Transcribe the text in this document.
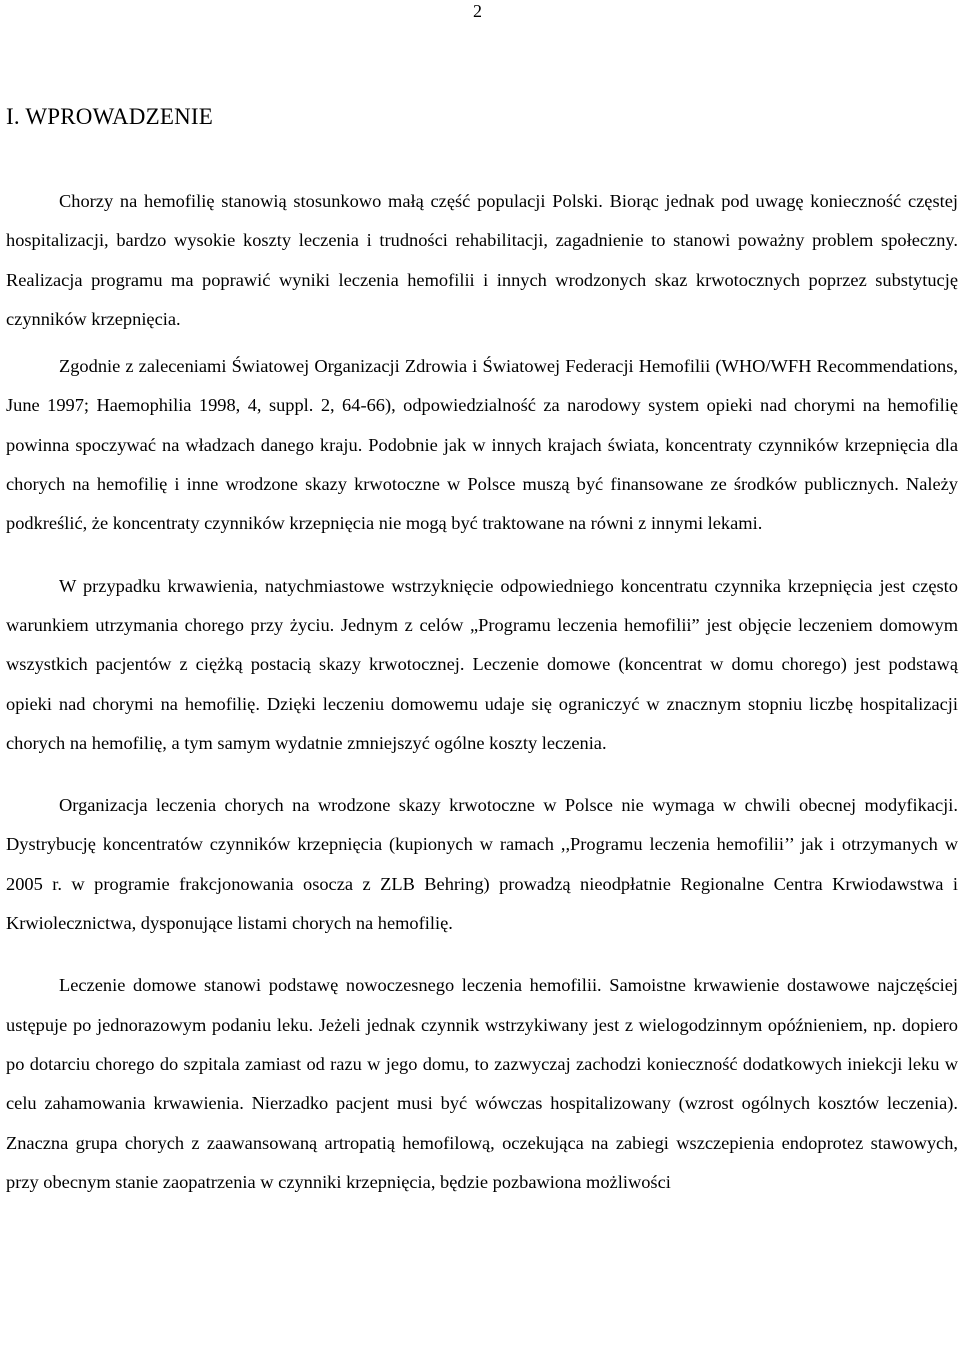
2
I. WPROWADZENIE

Chorzy na hemofilię stanowią stosunkowo małą część populacji Polski. Biorąc jednak pod uwagę konieczność częstej hospitalizacji, bardzo wysokie koszty leczenia i trudności rehabilitacji, zagadnienie to stanowi poważny problem społeczny. Realizacja programu ma poprawić wyniki leczenia hemofilii i innych wrodzonych skaz krwotocznych poprzez substytucję czynników krzepnięcia.

Zgodnie z zaleceniami Światowej Organizacji Zdrowia i Światowej Federacji Hemofilii (WHO/WFH Recommendations, June 1997; Haemophilia 1998, 4, suppl. 2, 64-66), odpowiedzialność za narodowy system opieki nad chorymi na hemofilię powinna spoczywać na władzach danego kraju. Podobnie jak w innych krajach świata, koncentraty czynników krzepnięcia dla chorych na hemofilię i inne wrodzone skazy krwotoczne w Polsce muszą być finansowane ze środków publicznych. Należy podkreślić, że koncentraty czynników krzepnięcia nie mogą być traktowane na równi z innymi lekami.

W przypadku krwawienia, natychmiastowe wstrzyknięcie odpowiedniego koncentratu czynnika krzepnięcia jest często warunkiem utrzymania chorego przy życiu. Jednym z celów „Programu leczenia hemofilii” jest objęcie leczeniem domowym wszystkich pacjentów z ciężką postacią skazy krwotocznej. Leczenie domowe (koncentrat w domu chorego) jest podstawą opieki nad chorymi na hemofilię. Dzięki leczeniu domowemu udaje się ograniczyć w znacznym stopniu liczbę hospitalizacji chorych na hemofilię, a tym samym wydatnie zmniejszyć ogólne koszty leczenia.

Organizacja leczenia chorych na wrodzone skazy krwotoczne w Polsce nie wymaga w chwili obecnej modyfikacji. Dystrybucję koncentratów czynników krzepnięcia (kupionych w ramach ,,Programu leczenia hemofilii’’ jak i otrzymanych w 2005 r. w programie frakcjonowania osocza z ZLB Behring) prowadzą nieodpłatnie Regionalne Centra Krwiodawstwa i Krwiolecznictwa, dysponujące listami chorych na hemofilię.

Leczenie domowe stanowi podstawę nowoczesnego leczenia hemofilii. Samoistne krwawienie dostawowe najczęściej ustępuje po jednorazowym podaniu leku. Jeżeli jednak czynnik wstrzykiwany jest z wielogodzinnym opóźnieniem, np. dopiero po dotarciu chorego do szpitala zamiast od razu w jego domu, to zazwyczaj zachodzi konieczność dodatkowych iniekcji leku w celu zahamowania krwawienia. Nierzadko pacjent musi być wówczas hospitalizowany (wzrost ogólnych kosztów leczenia). Znaczna grupa chorych z zaawansowaną artropatią hemofilową, oczekująca na zabiegi wszczepienia endoprotez stawowych, przy obecnym stanie zaopatrzenia w czynniki krzepnięcia, będzie pozbawiona możliwości
